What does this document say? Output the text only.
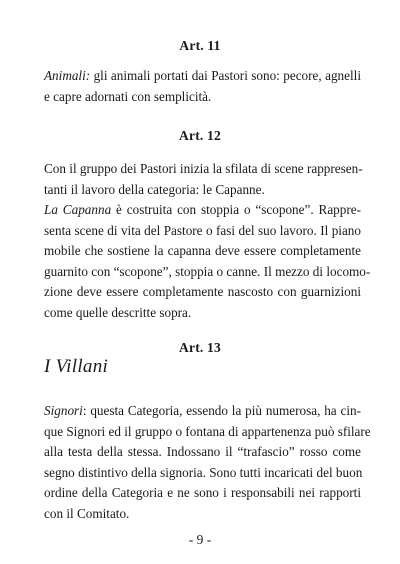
Art. 11
Animali: gli animali portati dai Pastori sono: pecore, agnelli
e capre adornati con semplicità.
Art. 12
Con il gruppo dei Pastori inizia la sfilata di scene rappresen-
tanti il lavoro della categoria: le Capanne.
La Capanna è costruita con stoppia o “scopone”. Rappre-
senta scene di vita del Pastore o fasi del suo lavoro. Il piano
mobile che sostiene la capanna deve essere completamente
guarnito con “scopone”, stoppia o canne. Il mezzo di locomo-
zione deve essere completamente nascosto con guarnizioni
come quelle descritte sopra.
Art. 13
I Villani
Signori: questa Categoria, essendo la più numerosa, ha cin-
que Signori ed il gruppo o fontana di appartenenza può sfilare
alla testa della stessa. Indossano il “trafascio” rosso come
segno distintivo della signoria. Sono tutti incaricati del buon
ordine della Categoria e ne sono i responsabili nei rapporti
con il Comitato.
- 9 -
